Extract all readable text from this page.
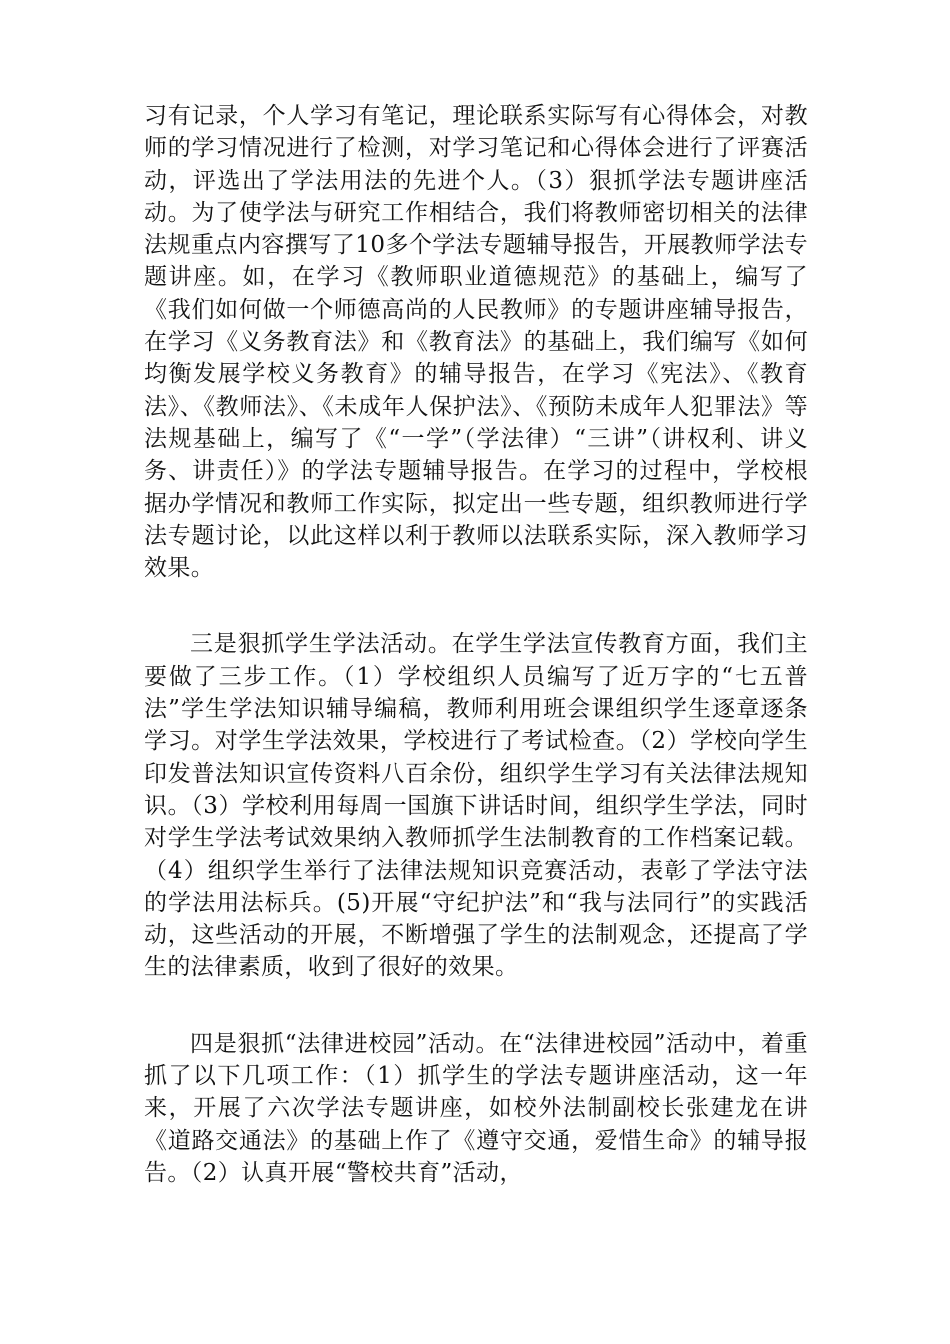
习有记录，个人学习有笔记，理论联系实际写有心得体会，对教师的学习情况进行了检测，对学习笔记和心得体会进行了评赛活动，评选出了学法用法的先进个人。（3）狠抓学法专题讲座活动。为了使学法与研究工作相结合，我们将教师密切相关的法律法规重点内容撰写了10多个学法专题辅导报告，开展教师学法专题讲座。如，在学习《教师职业道德规范》的基础上，编写了《我们如何做一个师德高尚的人民教师》的专题讲座辅导报告，在学习《义务教育法》和《教育法》的基础上，我们编写《如何均衡发展学校义务教育》的辅导报告，在学习《宪法》、《教育法》、《教师法》、《未成年人保护法》、《预防未成年人犯罪法》等法规基础上，编写了《“一学”（学法律）“三讲”（讲权利、讲义务、讲责任）》的学法专题辅导报告。在学习的过程中，学校根据办学情况和教师工作实际，拟定出一些专题，组织教师进行学法专题讨论，以此这样以利于教师以法联系实际，深入教师学习效果。

三是狠抓学生学法活动。在学生学法宣传教育方面，我们主要做了三步工作。（1）学校组织人员编写了近万字的“七五普法”学生学法知识辅导编稿，教师利用班会课组织学生逐章逐条学习。对学生学法效果，学校进行了考试检查。（2）学校向学生印发普法知识宣传资料八百余份，组织学生学习有关法律法规知识。（3）学校利用每周一国旗下讲话时间，组织学生学法，同时对学生学法考试效果纳入教师抓学生法制教育的工作档案记载。（4）组织学生举行了法律法规知识竞赛活动，表彰了学法守法的学法用法标兵。(5)开展“守纪护法”和“我与法同行”的实践活动，这些活动的开展，不断增强了学生的法制观念，还提高了学生的法律素质，收到了很好的效果。

四是狠抓“法律进校园”活动。在“法律进校园”活动中，着重抓了以下几项工作：（1）抓学生的学法专题讲座活动，这一年来，开展了六次学法专题讲座，如校外法制副校长张建龙在讲《道路交通法》的基础上作了《遵守交通，爱惜生命》的辅导报告。（2）认真开展“警校共育”活动，
